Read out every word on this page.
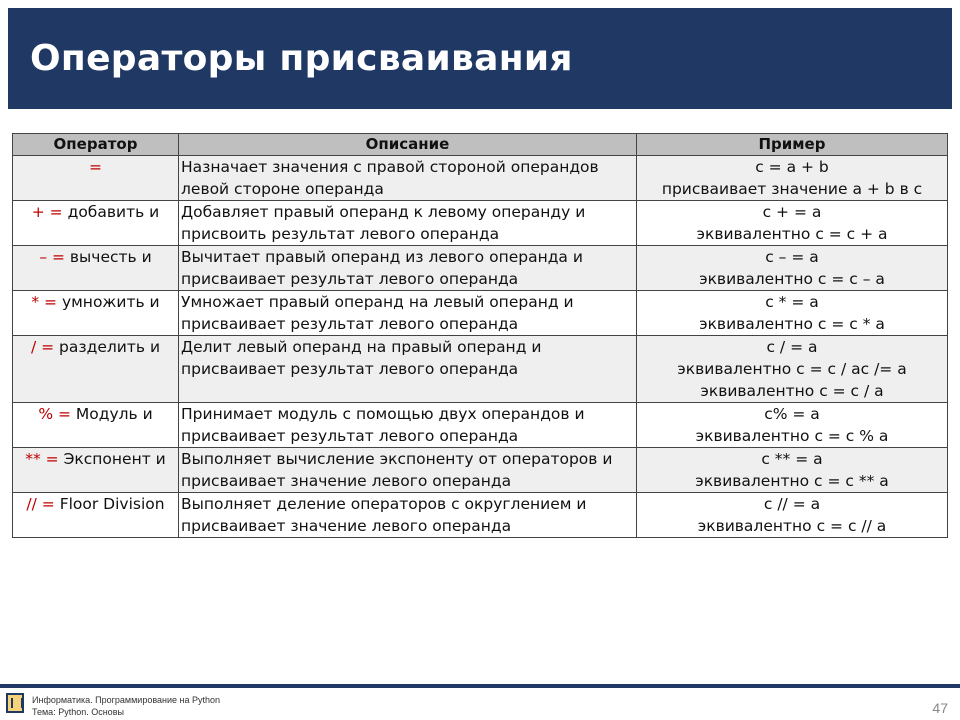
Операторы присваивания
Оператор	Описание	Пример
=	Назначает значения с правой стороной операндов левой стороне операнда	c = a + b
присваивает значение a + b в c

+ = добавить и	Добавляет правый операнд к левому операнду и присвоить результат левого операнда	c + = a
эквивалентно c = c + a

– = вычесть и	Вычитает правый операнд из левого операнда и присваивает результат левого операнда	c – = a
эквивалентно c = c – a

* = умножить и	Умножает правый операнд на левый операнд и присваивает результат левого операнда	c * = a
эквивалентно c = c * a

/ = разделить и	Делит левый операнд на правый операнд и присваивает результат левого операнда	c / = a
эквивалентно c = c / ac /= a
эквивалентно c = c / a

% = Модуль и	Принимает модуль с помощью двух операндов и присваивает результат левого операнда	c% = a
эквивалентно c = c % a

** = Экспонент и	Выполняет вычисление экспоненту от операторов и присваивает значение левого операнда	c ** = a
эквивалентно c = c ** a

// = Floor Division	Выполняет деление операторов с округлением и присваивает значение левого операнда	c // = a
эквивалентно c = c // a
Информатика. Программирование на Python
Тема: Python. Основы	47
